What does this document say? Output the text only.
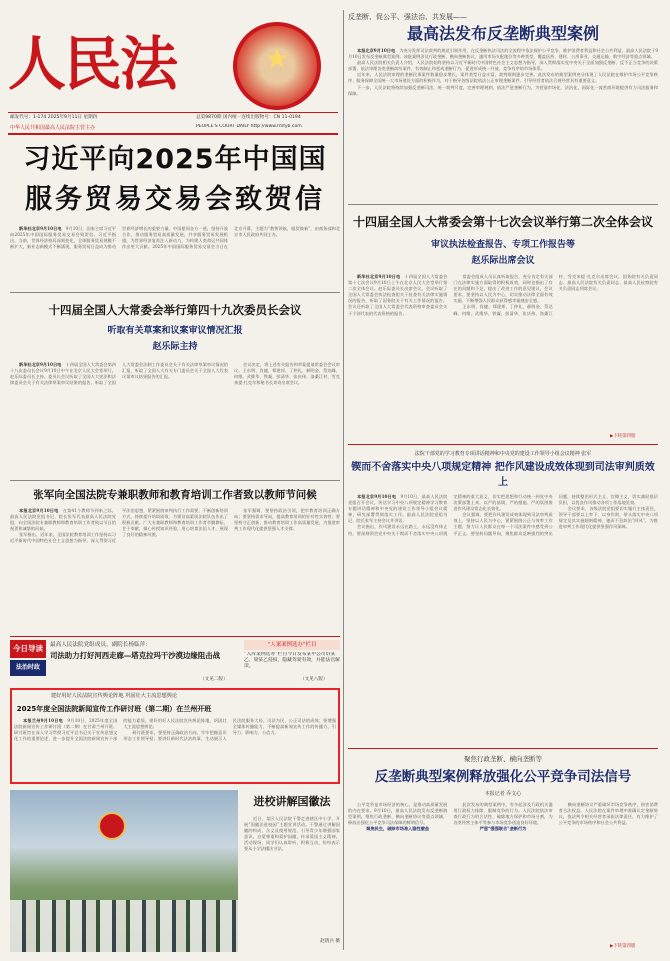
人民法	★
邮发代号：1-174 2025年9月11日 星期四	总第9870期 国内统一连续出版物号：CN 11-0194
中华人民共和国最高人民法院主管主办	PEOPLE'S COURT DAILY http://www.rmfyb.com
反垄断、促公平、强法治、共发展——
最高法发布反垄断典型案例

本报北京9月10日电　为充分发挥司法裁判的规范引领作用，在反垄断执法司法的全流程中依法保护公平竞争，维护消费者利益和社会公共利益，最高人民法院于9月10日发布反垄断典型案例。该批案例涉及行政垄断、横向垄断协议、滥用市场支配地位等多种类型，覆盖医药、建材、公用事业、交通运输、数字经济等重点领域。

最高人民法院相关负责人介绍，人民法院始终坚持以习近平新时代中国特色社会主义思想为指导，深入贯彻落实党中央关于全面加强反垄断、反不正当竞争的决策部署，依法审理各类垄断纠纷案件，有效制止和惩戒垄断行为，促进形成统一开放、竞争有序的市场体系。

近年来，人民法院审理的垄断民事案件数量稳步增长，案件类型日益丰富，裁判规则逐步完善。此次发布的典型案例充分体现了人民法院在维护市场公平竞争秩序、服务保障全国统一大市场建设方面的积极作为，对于指导各级法院依法公正审理垄断案件、引导经营者依法合规经营具有重要意义。

下一步，人民法院将持续加强反垄断司法，统一裁判尺度，完善审理规则，依法严惩垄断行为，为营造市场化、法治化、国际化一流营商环境提供有力司法服务和保障。

习近平向2025年中国国
服务贸易交易会致贺信

新华社北京9月10日电　9月10日，国家主席习近平向2025年中国国际服务贸易交易会致贺信。习近平指出，当前，世界经济格局深刻变化，全球服务贸易规模不断扩大，新业态新模式不断涌现，服务贸易日益成为推动世界经济增长的重要力量。中国愿同各方一道，坚持开放合作，推动服务贸易高质量发展，共享服务贸易发展机遇，为世界经济复苏注入新动力，为构建人类命运共同体作出更大贡献。2025年中国国际服务贸易交易会当日在北京开幕，主题为“数智领航，服贸焕新”，由商务部和北京市人民政府共同主办。

十四届全国人大常委会第十七次会议举行第二次全体会议
审议执法检查报告、专项工作报告等
赵乐际出席会议

新华社北京9月10日电　十四届全国人大常委会第十七次会议9月10日上午在北京人民大会堂举行第二次全体会议。赵乐际委员长出席会议。会议听取了全国人大常委会执法检查组关于检查有关法律实施情况的报告，听取了国务院关于有关工作情况的报告。会议还听取了全国人大常委会代表资格审查委员会关于个别代表的代表资格的报告。

常委会组成人员认真听取报告，充分肯定有关部门在法律实施方面取得的积极成效，同时也指出了存在的问题和不足，提出了改进工作的意见建议。会议要求，要坚持以人民为中心，切实推动法律全面有效实施，不断增强人民群众获得感幸福感安全感。

王东明、肖捷、郑建邦、丁仲礼、郝明金、蔡达峰、何维、武维华、铁凝、彭清华、张庆伟、洛桑江村、雪克来提·扎克尔出席会议。国务院有关负责同志、最高人民法院有关负责同志、最高人民检察院有关负责同志列席会议。

▶下转第四版
十四届全国人大常委会举行第四十九次委员长会议
听取有关草案和议案审议情况汇报
赵乐际主持

新华社北京9月10日电　十四届全国人大常委会第四十九次委员长会议9月10日中午在北京人民大会堂举行。赵乐际委员长主持。委员长会议听取了全国人大宪法和法律委员会关于有关法律草案审议结果的报告，听取了全国人大常委会法制工作委员会关于有关法律草案审议情况的汇报，听取了全国人大有关专门委员会关于全国人大代表议案审议结果报告的汇报。

会议决定，将上述有关报告和草案提请常委会会议审议。王东明、肖捷、郑建邦、丁仲礼、郝明金、蔡达峰、何维、武维华、铁凝、彭清华、张庆伟、洛桑江村、雪克来提·扎克尔和秘书长刘奇出席会议。

张军向全国法院专兼职教师和教育培训工作者致以教师节问候

本报北京9月10日电　在第41个教师节到来之际，最高人民法院党组书记、院长张军代表最高人民法院党组，向全国法院专兼职教师和教育培训工作者致以节日的祝贺和诚挚的问候。

张军指出，近年来，全国法院教育培训工作坚持以习近平新时代中国特色社会主义思想为指导，深入贯彻习近平法治思想，紧紧围绕审判执行工作需要，不断创新培训方式，持续提升培训质效，为建设高素质法院队伍作出了积极贡献。广大专兼职教师和教育培训工作者辛勤耕耘、甘于奉献，倾心传授知识经验，用心培育法治人才，展现了良好的精神风貌。

张军强调，要坚持政治引领，把牢教育培训正确方向；要坚持需求导向，提高教育培训的针对性实效性；要坚持守正创新，推动教育培训工作高质量发展，为推进审判工作现代化提供坚强人才支撑。

今日导读
法治时政
最高人民法院党组成员、副院长杨临萍：
司法助力打好河西走廊—塔克拉玛干沙漠边缘阻击战
（文见二版）
“人案案例选办”栏目
“入库案例选办”栏目今日发布某甲公司诉某乙、梁某乙侵权，隐藏驾驶有效，并能法官解读。
（文见八版）
建好用好人民法院宣传舆论阵地 巩固壮大主流思想舆论
2025年度全国法院新闻宣传工作研讨班（第二期）在兰州开班

本报兰州9月10日电　9月10日，2025年度全国法院新闻宣传工作研讨班（第二期）在甘肃兰州开班。研讨班旨在深入学习贯彻习近平总书记关于宣传思想文化工作的重要论述，进一步提升全国法院新闻宣传干部的能力素质，建好用好人民法院宣传舆论阵地，巩固壮大主流思想舆论。

研讨班要求，要坚持正确政治方向，牢牢把握意识形态工作领导权；要讲好新时代法治故事，生动展示人民法院服务大局、司法为民、公正司法的成效；要增强全媒体传播能力，不断提高新闻宣传工作的传播力、引导力、影响力、公信力。

进校讲解国徽法

近日，某区人民法院干警走进辖区中小学，开展“国徽法进校园”主题宣讲活动。干警通过讲解国徽的构成、含义及使用规范，引导青少年增强国家意识，自觉尊重和爱护国徽，传承爱国主义精神。活动现场，同学们认真聆听，积极互动，纷纷表示要从小学法懂法守法。

赵倩兵 摄
法院干部党的学习教育专项讲话精神和中央党的建设工作领导小组会议精神 张军
锲而不舍落实中央八项规定精神 把作风建设成效体现到司法审判质效上

本报北京9月10日电　9月10日，最高人民法院党组召开会议，传达学习中央八项规定精神学习教育专题讲话精神和中央党的建设工作领导小组会议精神，研究部署贯彻落实工作。最高人民法院党组书记、院长张军主持会议并讲话。

会议指出，作风建设永远在路上，永远没有休止符。要深刻领会党中央关于锲而不舍落实中央八项规定精神的重大意义，切实把思想和行动统一到党中央决策部署上来，以严的基调、严的措施、严的氛围推进作风建设常态化长效化。

会议强调，要把作风建设成效体现到司法审判质效上，坚持以人民为中心，紧紧围绕公正与效率工作主题，努力让人民群众在每一个司法案件中感受到公平正义。要坚持问题导向，聚焦群众反映强烈的突出问题，持续整治形式主义、官僚主义，切实减轻基层负担，以优良作风推动各项工作落地见效。

会议要求，各级法院党组要切实履行主体责任，领导干部要以上率下、以身作则，带头落实中央八项规定及其实施细则精神，驰而不息纠治“四风”，为推进审判工作现代化提供坚强作风保障。

聚焦行政垄断、横向垄断等
反垄断典型案例释放强化公平竞争司法信号
本报记者 乔文心

公平竞争是市场经济的核心，是推动高质量发展的内在要求。9月10日，最高人民法院发布反垄断典型案例，聚焦行政垄断、横向垄断协议等重点领域，释放出强化公平竞争司法保障的鲜明信号。

聚焦民生，破除市场准入隐性壁垒

此次发布的典型案例中，有多起涉及行政机关滥用行政权力排除、限制竞争的行为。人民法院依法审查行政行为的合法性，破除地方保护和市场分割，为各类经营主体平等参与市场竞争创造良好环境。

严惩“强强联合”垄断行为

横向垄断协议严重破坏市场竞争秩序，损害消费者合法权益。人民法院在案件审理中准确认定垄断协议，依法判令相关经营者承担法律责任，有力维护了公平竞争的市场秩序和社会公共利益。

▶下转第四版
